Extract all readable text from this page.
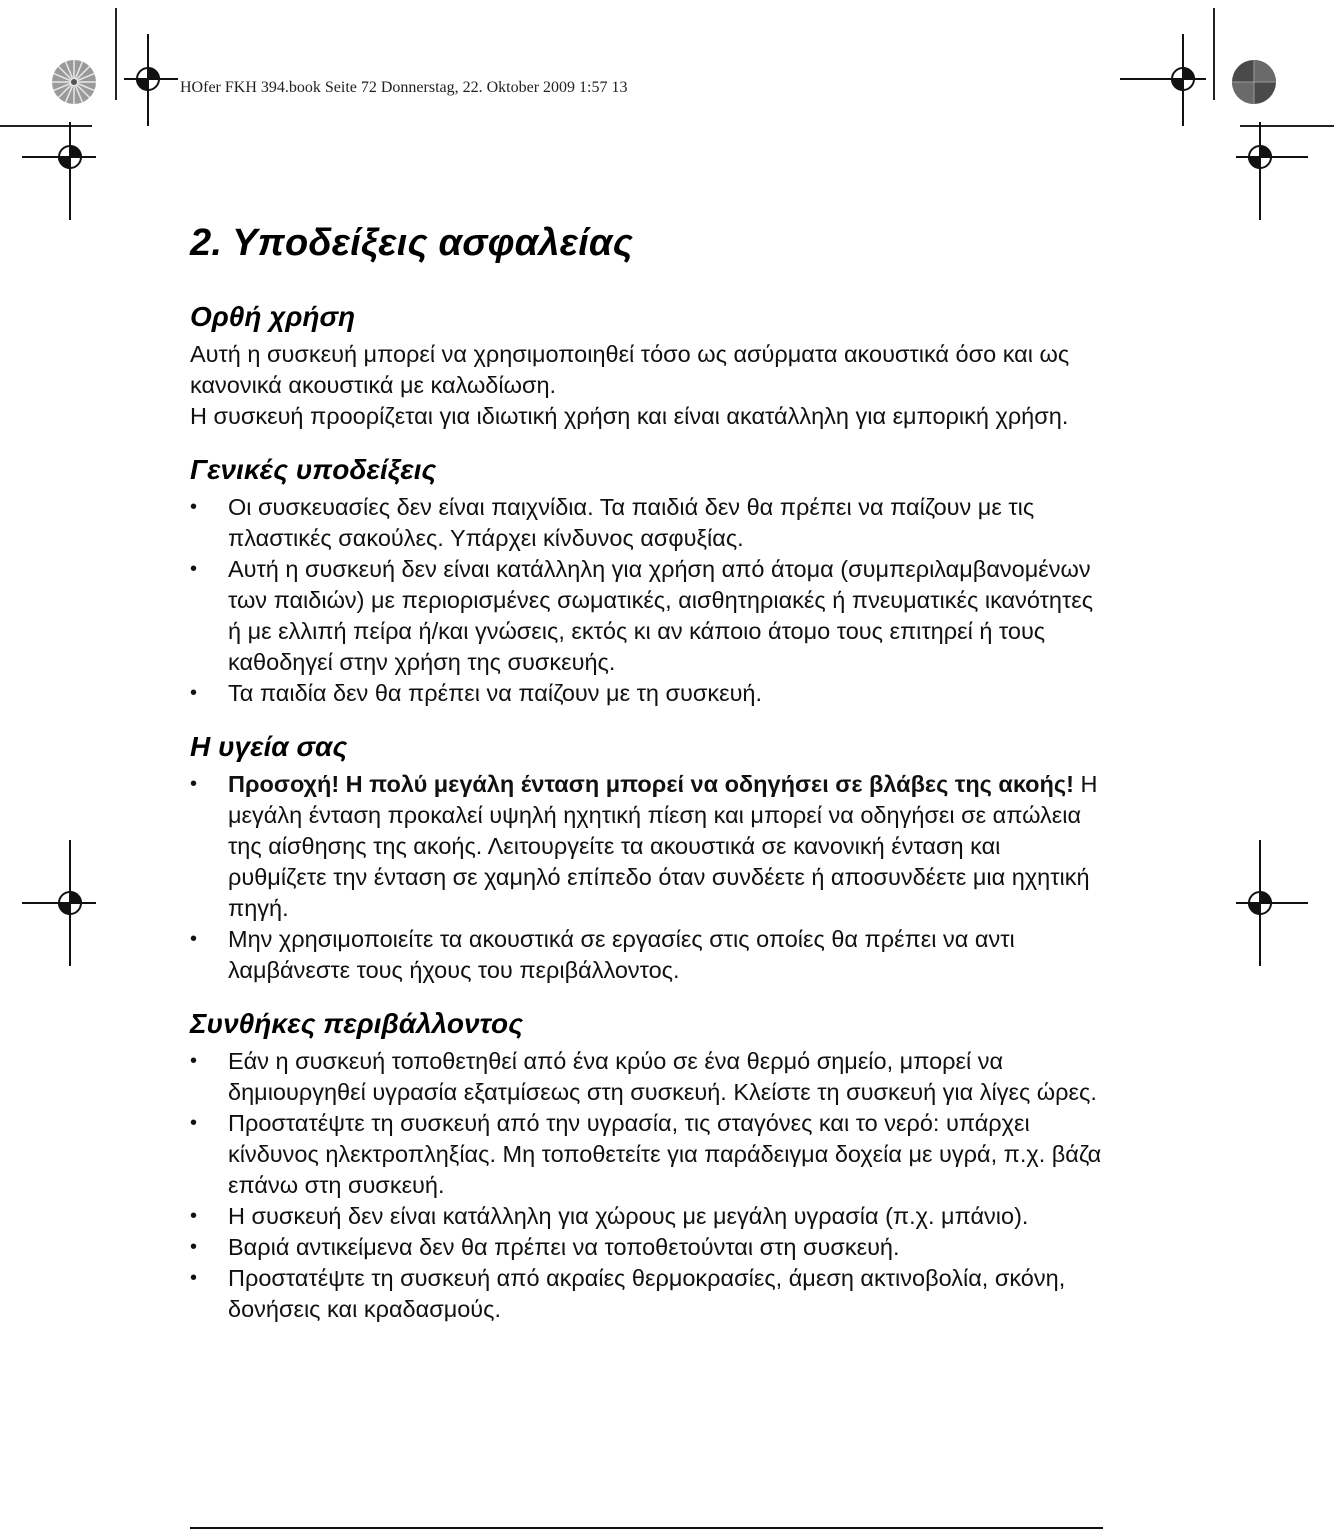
HOfer FKH 394.book Seite 72 Donnerstag, 22. Oktober 2009 1:57 13
2. Υποδείξεις ασφαλείας
Ορθή χρήση

Αυτή η συσκευή μπορεί να χρησιμοποιηθεί τόσο ως ασύρματα ακουστικά όσο και ως κανονικά ακουστικά με καλωδίωση.

Η συσκευή προορίζεται για ιδιωτική χρήση και είναι ακατάλληλη για εμπορική χρήση.

Γενικές υποδείξεις
• Οι συσκευασίες δεν είναι παιχνίδια. Τα παιδιά δεν θα πρέπει να παίζουν με τις πλαστικές σακούλες. Υπάρχει κίνδυνος ασφυξίας.
• Αυτή η συσκευή δεν είναι κατάλληλη για χρήση από άτομα (συμπεριλαμβανομένων των παιδιών) με περιορισμένες σωματικές, αισθητηριακές ή πνευματικές ικανότητες ή με ελλιπή πείρα ή/και γνώσεις, εκτός κι αν κάποιο άτομο τους επιτηρεί ή τους καθοδηγεί στην χρήση της συσκευής.
• Τα παιδία δεν θα πρέπει να παίζουν με τη συσκευή.
Η υγεία σας
• Προσοχή! Η πολύ μεγάλη ένταση μπορεί να οδηγήσει σε βλάβες της ακοής! Η μεγάλη ένταση προκαλεί υψηλή ηχητική πίεση και μπορεί να οδηγήσει σε απώλεια της αίσθησης της ακοής. Λειτουργείτε τα ακουστικά σε κανονική ένταση και ρυθμίζετε την ένταση σε χαμηλό επίπεδο όταν συνδέετε ή αποσυνδέετε μια ηχητική πηγή.
• Μην χρησιμοποιείτε τα ακουστικά σε εργασίες στις οποίες θα πρέπει να αντι λαμβάνεστε τους ήχους του περιβάλλοντος.
Συνθήκες περιβάλλοντος
• Εάν η συσκευή τοποθετηθεί από ένα κρύο σε ένα θερμό σημείο, μπορεί να δημιουργηθεί υγρασία εξατμίσεως στη συσκευή. Κλείστε τη συσκευή για λίγες ώρες.
• Προστατέψτε τη συσκευή από την υγρασία, τις σταγόνες και το νερό: υπάρχει κίνδυνος ηλεκτροπληξίας. Μη τοποθετείτε για παράδειγμα δοχεία με υγρά, π.χ. βάζα επάνω στη συσκευή.
• Η συσκευή δεν είναι κατάλληλη για χώρους με μεγάλη υγρασία (π.χ. μπάνιο).
• Βαριά αντικείμενα δεν θα πρέπει να τοποθετούνται στη συσκευή.
• Προστατέψτε τη συσκευή από ακραίες θερμοκρασίες, άμεση ακτινοβολία, σκόνη, δονήσεις και κραδασμούς.
